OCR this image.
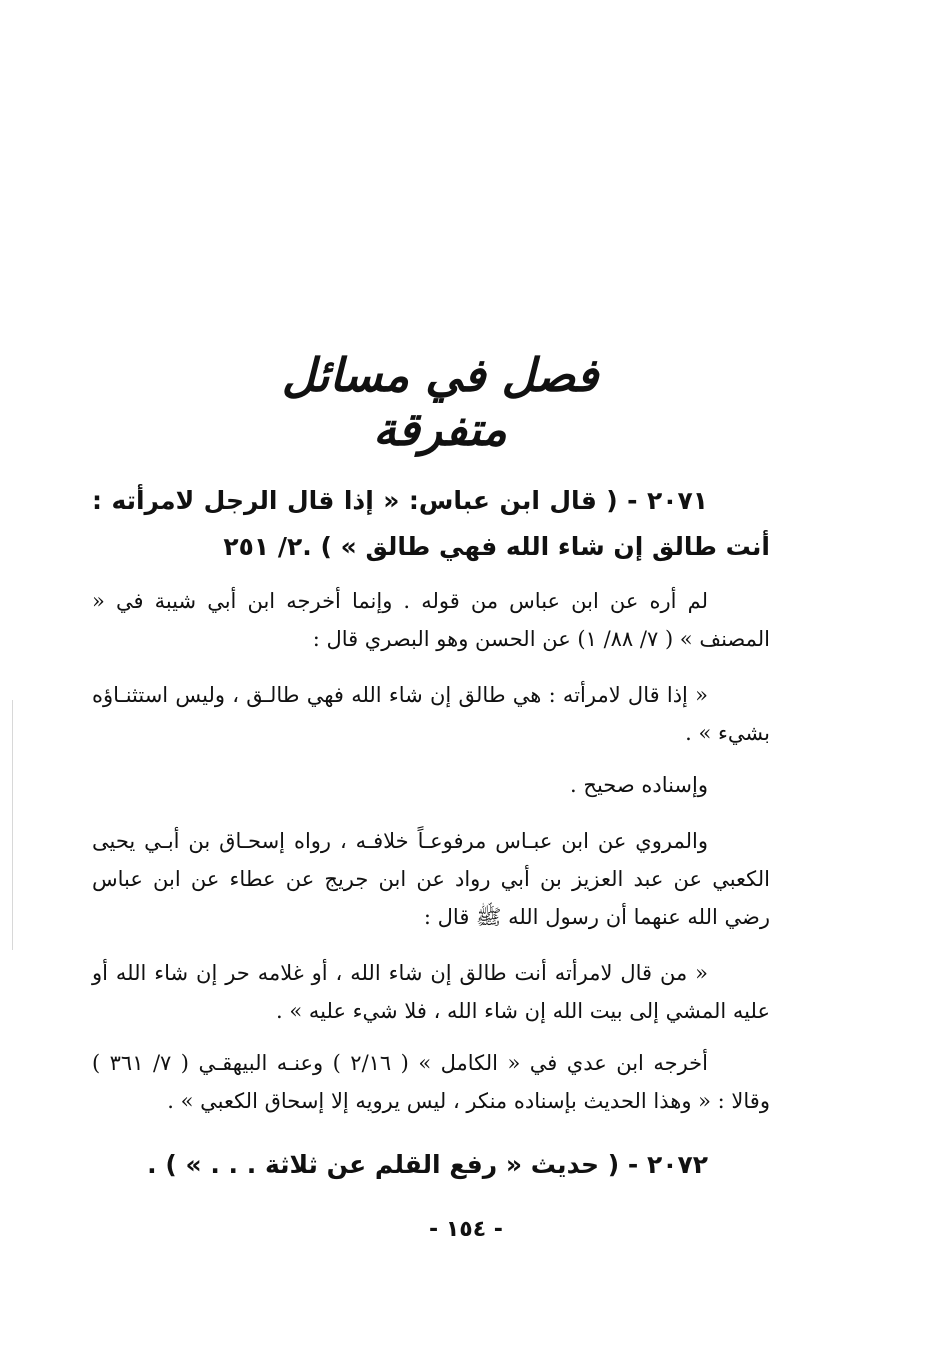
فصل في مسائل متفرقة
٢٠٧١ - ( قال ابن عباس: « إذا قال الرجل لامرأته : أنت طالق إن شاء الله فهي طالق » ) .٢/ ٢٥١
لم أره عن ابن عباس من قوله . وإنما أخرجه ابن أبي شيبة في « المصنف » ( ٧/ ٨٨/ ١) عن الحسن وهو البصري قال :
« إذا قال لامرأته : هي طالق إن شاء الله فهي طالـق ، وليس استثنـاؤه بشيء » .
وإسناده صحيح .
والمروي عن ابن عبـاس مرفوعـاً خلافـه ، رواه إسحـاق بن أبـي يحيى الكعبي عن عبد العزيز بن أبي رواد عن ابن جريج عن عطاء عن ابن عباس رضي الله عنهما أن رسول الله ﷺ قال :
« من قال لامرأته أنت طالق إن شاء الله ، أو غلامه حر إن شاء الله أو عليه المشي إلى بيت الله إن شاء الله ، فلا شيء عليه » .
أخرجه ابن عدي في « الكامل » ( ٢/١٦ ) وعنـه البيهقـي ( ٧/ ٣٦١ ) وقالا : « وهذا الحديث بإسناده منكر ، ليس يرويه إلا إسحاق الكعبي » .
٢٠٧٢ - ( حديث « رفع القلم عن ثلاثة . . . » ) .
- ١٥٤ -
